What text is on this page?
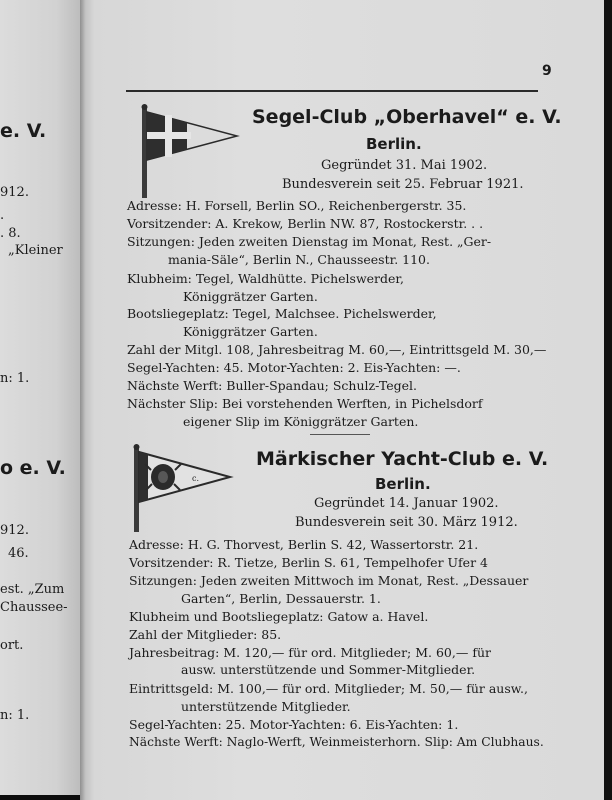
e. V.
912.
.
. 8.
„Kleiner
n: 1.
o e. V.
912.
46.
est. „Zum
Chaussee-
ort.
n: 1.
9
Segel-Club „Oberhavel“ e. V.
Berlin.
Gegründet 31. Mai 1902.
Bundesverein seit 25. Februar 1921.
Adresse: H. Forsell, Berlin SO., Reichenbergerstr. 35.
Vorsitzender: A. Krekow, Berlin NW. 87, Rostockerstr. . .
Sitzungen: Jeden zweiten Dienstag im Monat, Rest. „Ger-
mania-Säle“, Berlin N., Chausseestr. 110.
Klubheim: Tegel, Waldhütte. Pichelswerder,
Königgrätzer Garten.
Bootsliegeplatz: Tegel, Malchsee. Pichelswerder,
Königgrätzer Garten.
Zahl der Mitgl. 108, Jahresbeitrag M. 60,—, Eintrittsgeld M. 30,—
Segel-Yachten: 45. Motor-Yachten: 2. Eis-Yachten: —.
Nächste Werft: Buller-Spandau; Schulz-Tegel.
Nächster Slip: Bei vorstehenden Werften, in Pichelsdorf
eigener Slip im Königgrätzer Garten.
c.
Märkischer Yacht-Club e. V.
Berlin.
Gegründet 14. Januar 1902.
Bundesverein seit 30. März 1912.
Adresse: H. G. Thorvest, Berlin S. 42, Wassertorstr. 21.
Vorsitzender: R. Tietze, Berlin S. 61, Tempelhofer Ufer 4
Sitzungen: Jeden zweiten Mittwoch im Monat, Rest. „Dessauer
Garten“, Berlin, Dessauerstr. 1.
Klubheim und Bootsliegeplatz: Gatow a. Havel.
Zahl der Mitglieder: 85.
Jahresbeitrag: M. 120,— für ord. Mitglieder; M. 60,— für
ausw. unterstützende und Sommer-Mitglieder.
Eintrittsgeld: M. 100,— für ord. Mitglieder; M. 50,— für ausw.,
unterstützende Mitglieder.
Segel-Yachten: 25. Motor-Yachten: 6. Eis-Yachten: 1.
Nächste Werft: Naglo-Werft, Weinmeisterhorn. Slip: Am Clubhaus.
